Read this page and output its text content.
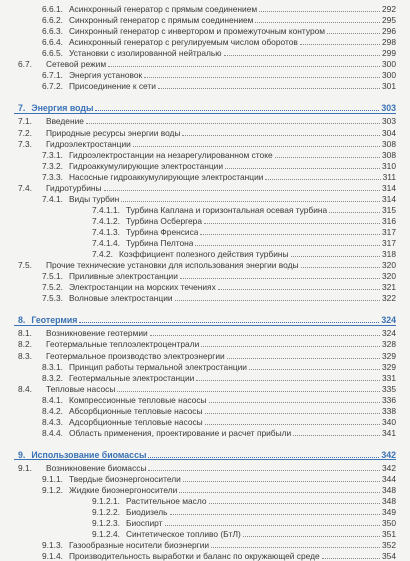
6.6.1. Асинхронный генератор с прямым соединением	292
6.6.2. Синхронный генератор с прямым соединением	295
6.6.3. Синхронный генератор с инвертором и промежуточным контуром	296
6.6.4. Асинхронный генератор с регулируемым числом оборотов	298
6.6.5. Установки с изолированной нейтралью	299
6.7. Сетевой режим	300
6.7.1. Энергия установок	300
6.7.2. Присоединение к сети	301
7. Энергия воды	303
7.1. Введение	303
7.2. Природные ресурсы энергии воды	304
7.3. Гидроэлектростанции	308
7.3.1. Гидроэлектростанции на незарегулированном стоке	308
7.3.2. Гидроаккумулирующие электростанции	310
7.3.3. Насосные гидроаккумулирующие электростанции	311
7.4. Гидротурбины	314
7.4.1. Виды турбин	314
7.4.1.1. Турбина Каплана и горизонтальная осевая турбина	315
7.4.1.2. Турбина Осбергера	316
7.4.1.3. Турбина Френсиса	317
7.4.1.4. Турбина Пелтона	317
7.4.2. Коэффициент полезного действия турбины	318
7.5. Прочие технические установки для использования энергии воды	320
7.5.1. Приливные электростанции	320
7.5.2. Электростанции на морских течениях	321
7.5.3. Волновые электростанции	322
8. Геотермия	324
8.1. Возникновение геотермии	324
8.2. Геотермальные теплоэлектроцентрали	328
8.3. Геотермальное производство электроэнергии	329
8.3.1. Принцип работы термальной электростанции	329
8.3.2. Геотермальные электростанции	331
8.4. Тепловые насосы	335
8.4.1. Компрессионные тепловые насосы	336
8.4.2. Абсорбционные тепловые насосы	338
8.4.3. Адсорбционные тепловые насосы	340
8.4.4. Область применения, проектирование и расчет прибыли	341
9. Использование биомассы	342
9.1. Возникновение биомассы	342
9.1.1. Твердые биоэнергоносители	344
9.1.2. Жидкие биоэнергоносители	348
9.1.2.1. Растительное масло	348
9.1.2.2. Биодизель	349
9.1.2.3. Биоспирт	350
9.1.2.4. Синтетическое топливо (БтЛ)	351
9.1.3. Газообразные носители биоэнергии	352
9.1.4. Производительность выработки и баланс по окружающей среде	354
